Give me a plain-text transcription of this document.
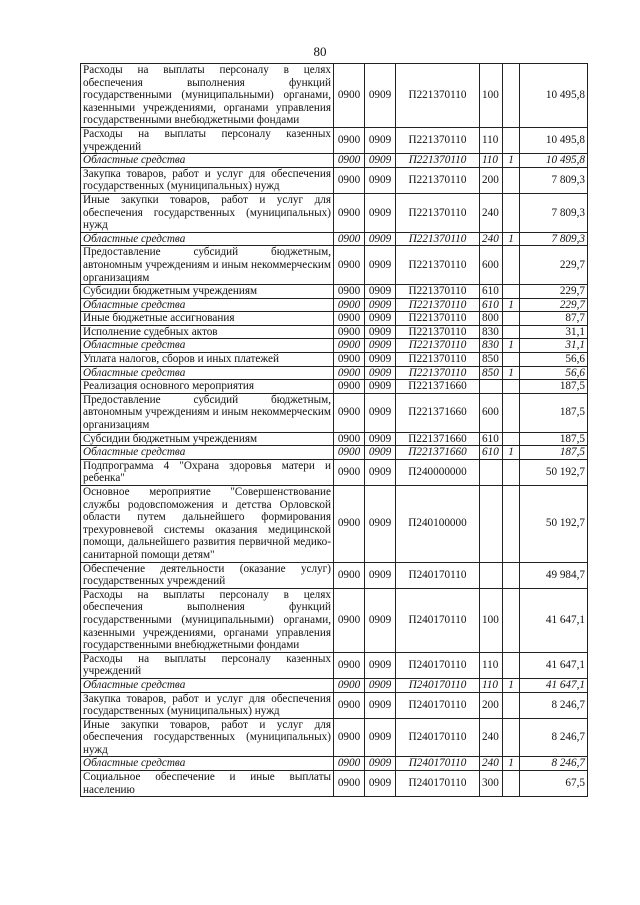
80
Расходы на выплаты персоналу в целях обеспечения выполнения функций государственными (муниципальными) органами, казенными учреждениями, органами управления государственными внебюджетными фондами	0900	0909	П221370110	100		10 495,8
Расходы на выплаты персоналу казенных учреждений	0900	0909	П221370110	110		10 495,8
Областные средства	0900	0909	П221370110	110	1	10 495,8
Закупка товаров, работ и услуг для обеспечения государственных (муниципальных) нужд	0900	0909	П221370110	200		7 809,3
Иные закупки товаров, работ и услуг для обеспечения государственных (муниципальных) нужд	0900	0909	П221370110	240		7 809,3
Областные средства	0900	0909	П221370110	240	1	7 809,3
Предоставление субсидий бюджетным, автономным учреждениям и иным некоммерческим организациям	0900	0909	П221370110	600		229,7
Субсидии бюджетным учреждениям	0900	0909	П221370110	610		229,7
Областные средства	0900	0909	П221370110	610	1	229,7
Иные бюджетные ассигнования	0900	0909	П221370110	800		87,7
Исполнение судебных актов	0900	0909	П221370110	830		31,1
Областные средства	0900	0909	П221370110	830	1	31,1
Уплата налогов, сборов и иных платежей	0900	0909	П221370110	850		56,6
Областные средства	0900	0909	П221370110	850	1	56,6
Реализация основного мероприятия	0900	0909	П221371660			187,5
Предоставление субсидий бюджетным, автономным учреждениям и иным некоммерческим организациям	0900	0909	П221371660	600		187,5
Субсидии бюджетным учреждениям	0900	0909	П221371660	610		187,5
Областные средства	0900	0909	П221371660	610	1	187,5
Подпрограмма 4 "Охрана здоровья матери и ребенка"	0900	0909	П240000000			50 192,7
Основное мероприятие "Совершенствование службы родовспоможения и детства Орловской области путем дальнейшего формирования трехуровневой системы оказания медицинской помощи, дальнейшего развития первичной медико-санитарной помощи детям"	0900	0909	П240100000			50 192,7
Обеспечение деятельности (оказание услуг) государственных учреждений	0900	0909	П240170110			49 984,7
Расходы на выплаты персоналу в целях обеспечения выполнения функций государственными (муниципальными) органами, казенными учреждениями, органами управления государственными внебюджетными фондами	0900	0909	П240170110	100		41 647,1
Расходы на выплаты персоналу казенных учреждений	0900	0909	П240170110	110		41 647,1
Областные средства	0900	0909	П240170110	110	1	41 647,1
Закупка товаров, работ и услуг для обеспечения государственных (муниципальных) нужд	0900	0909	П240170110	200		8 246,7
Иные закупки товаров, работ и услуг для обеспечения государственных (муниципальных) нужд	0900	0909	П240170110	240		8 246,7
Областные средства	0900	0909	П240170110	240	1	8 246,7
Социальное обеспечение и иные выплаты населению	0900	0909	П240170110	300		67,5
